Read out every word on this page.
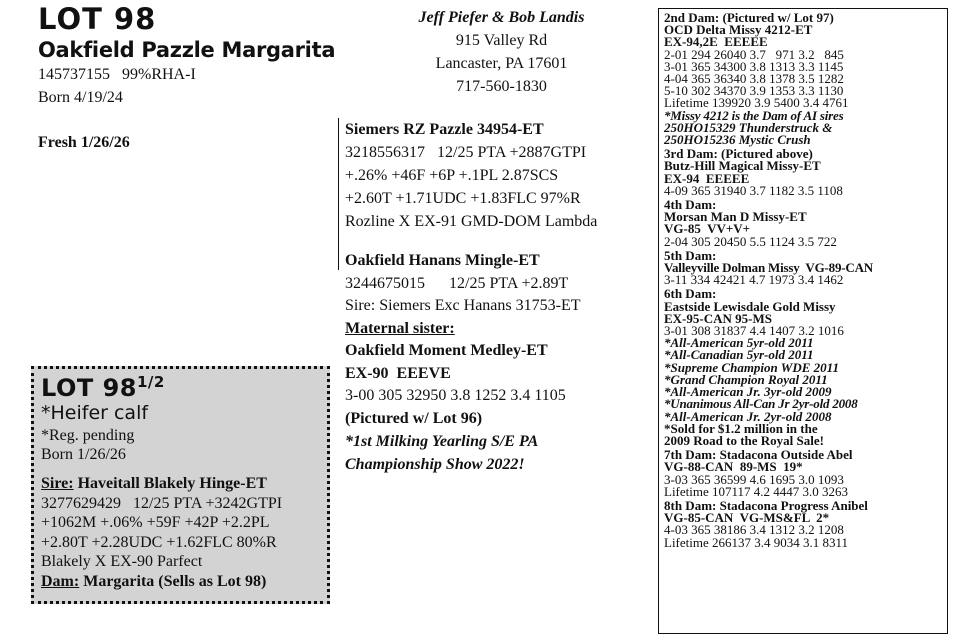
LOT 98
Oakfield Pazzle Margarita
145737155   99%RHA-I
Born 4/19/24
Fresh 1/26/26
LOT $98^{1/2}$
*Heifer calf
*Reg. pending
Born 1/26/26
Sire: Haveitall Blakely Hinge-ET
3277629429   12/25 PTA +3242GTPI
+1062M +.06% +59F +42P +2.2PL
+2.80T +2.28UDC +1.62FLC 80%R
Blakely X EX-90 Parfect
Dam: Margarita (Sells as Lot 98)
Jeff Piefer & Bob Landis
915 Valley Rd
Lancaster, PA 17601
717-560-1830
Siemers RZ Pazzle 34954-ET
3218556317   12/25 PTA +2887GTPI
+.26% +46F +6P +.1PL 2.87SCS
+2.60T +1.71UDC +1.83FLC 97%R
Rozline X EX-91 GMD-DOM Lambda
Oakfield Hanans Mingle-ET
3244675015      12/25 PTA +2.89T
Sire: Siemers Exc Hanans 31753-ET
Maternal sister:
Oakfield Moment Medley-ET
EX-90  EEEVE
3-00 305 32950 3.8 1252 3.4 1105
(Pictured w/ Lot 96)
*1st Milking Yearling S/E PA
Championship Show 2022!
2nd Dam: (Pictured w/ Lot 97)
OCD Delta Missy 4212-ET
EX-94,2E  EEEEE
2-01 294 26040 3.7   971 3.2   845
3-01 365 34300 3.8 1313 3.3 1145
4-04 365 36340 3.8 1378 3.5 1282
5-10 302 34370 3.9 1353 3.3 1130
Lifetime 139920 3.9 5400 3.4 4761
*Missy 4212 is the Dam of AI sires
250HO15329 Thunderstruck &
250HO15236 Mystic Crush
3rd Dam: (Pictured above)
Butz-Hill Magical Missy-ET
EX-94  EEEEE
4-09 365 31940 3.7 1182 3.5 1108
4th Dam:
Morsan Man D Missy-ET
VG-85  VV+V+
2-04 305 20450 5.5 1124 3.5 722
5th Dam:
Valleyville Dolman Missy  VG-89-CAN
3-11 334 42421 4.7 1973 3.4 1462
6th Dam:
Eastside Lewisdale Gold Missy
EX-95-CAN 95-MS
3-01 308 31837 4.4 1407 3.2 1016
*All-American 5yr-old 2011
*All-Canadian 5yr-old 2011
*Supreme Champion WDE 2011
*Grand Champion Royal 2011
*All-American Jr. 3yr-old 2009
*Unanimous All-Can Jr 2yr-old 2008
*All-American Jr. 2yr-old 2008
*Sold for $1.2 million in the
2009 Road to the Royal Sale!
7th Dam: Stadacona Outside Abel
VG-88-CAN  89-MS  19*
3-03 365 36599 4.6 1695 3.0 1093
Lifetime 107117 4.2 4447 3.0 3263
8th Dam: Stadacona Progress Anibel
VG-85-CAN  VG-MS&FL  2*
4-03 365 38186 3.4 1312 3.2 1208
Lifetime 266137 3.4 9034 3.1 8311
